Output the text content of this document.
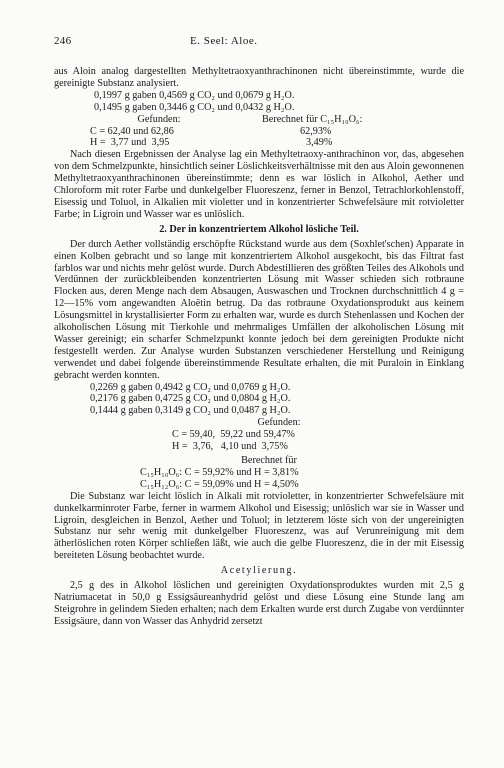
246	E. Seel: Aloe.

aus Aloin analog dargestellten Methyltetraoxyanthrachinonen nicht übereinstimmte, wurde die gereinigte Substanz analysiert.

0,1997 g gaben 0,4569 g CO₂ und 0,0679 g H₂O.
0,1495 g gaben 0,3446 g CO₂ und 0,0432 g H₂O.
Gefunden:	Berechnet für C₁₅H₁₀O₆:
C = 62,40 und 62,86	62,93%
H =  3,77 und  3,95	3,49%

Nach diesen Ergebnissen der Analyse lag ein Methyltetraoxy-anthrachinon vor, das, abgesehen von dem Schmelzpunkte, hinsichtlich seiner Löslichkeitsverhältnisse mit den aus Aloin gewonnenen Methyltetraoxyanthrachinonen übereinstimmte; denn es war löslich in Alkohol, Aether und Chloroform mit roter Farbe und dunkelgelber Fluoreszenz, ferner in Benzol, Tetrachlorkohlenstoff, Eisessig und Toluol, in Alkalien mit violetter und in konzentrierter Schwefelsäure mit rotvioletter Farbe; in Ligroin und Wasser war es unlöslich.

2. Der in konzentriertem Alkohol lösliche Teil.

Der durch Aether vollständig erschöpfte Rückstand wurde aus dem (Soxhlet'schen) Apparate in einen Kolben gebracht und so lange mit konzentriertem Alkohol ausgekocht, bis das Filtrat fast farblos war und nichts mehr gelöst wurde. Durch Abdestillieren des größten Teiles des Alkohols und Verdünnen der zurückbleibenden konzentrierten Lösung mit Wasser schieden sich rotbraune Flocken aus, deren Menge nach dem Absaugen, Auswaschen und Trocknen durchschnittlich 4 g = 12—15% vom angewandten Aloëtin betrug. Da das rotbraune Oxydationsprodukt aus keinem Lösungsmittel in krystallisierter Form zu erhalten war, wurde es durch Stehenlassen und Kochen der alkoholischen Lösung mit Tierkohle und mehrmaliges Umfällen der alkoholischen Lösung mit Wasser gereinigt; ein scharfer Schmelzpunkt konnte jedoch bei dem gereinigten Produkte nicht festgestellt werden. Zur Analyse wurden Substanzen verschiedener Herstellung und Reinigung verwendet und dabei folgende übereinstimmende Resultate erhalten, die mit Puraloin in Einklang gebracht werden konnten.

0,2269 g gaben 0,4942 g CO₂ und 0,0769 g H₂O.
0,2176 g gaben 0,4725 g CO₂ und 0,0804 g H₂O.
0,1444 g gaben 0,3149 g CO₂ und 0,0487 g H₂O.
Gefunden:
C = 59,40,  59,22 und 59,47%
H =  3,76,   4,10 und  3,75%
Berechnet für
C₁₅H₁₀O₆: C = 59,92% und H = 3,81%
C₁₅H₁₂O₆: C = 59,09% und H = 4,50%

Die Substanz war leicht löslich in Alkali mit rotvioletter, in konzentrierter Schwefelsäure mit dunkelkarminroter Farbe, ferner in warmem Alkohol und Eisessig; unlöslich war sie in Wasser und Ligroin, desgleichen in Benzol, Aether und Toluol; in letzterem löste sich von der ungereinigten Substanz nur sehr wenig mit dunkelgelber Fluoreszenz, was auf Verunreinigung mit dem ätherlöslichen roten Körper schließen läßt, wie auch die gelbe Fluoreszenz, die in der mit Eisessig bereiteten Lösung beobachtet wurde.

Acetylierung.

2,5 g des in Alkohol löslichen und gereinigten Oxydationsproduktes wurden mit 2,5 g Natriumacetat in 50,0 g Essigsäureanhydrid gelöst und diese Lösung eine Stunde lang am Steigrohre in gelindem Sieden erhalten; nach dem Erkalten wurde erst durch Zugabe von verdünnter Essigsäure, dann von Wasser das Anhydrid zersetzt
